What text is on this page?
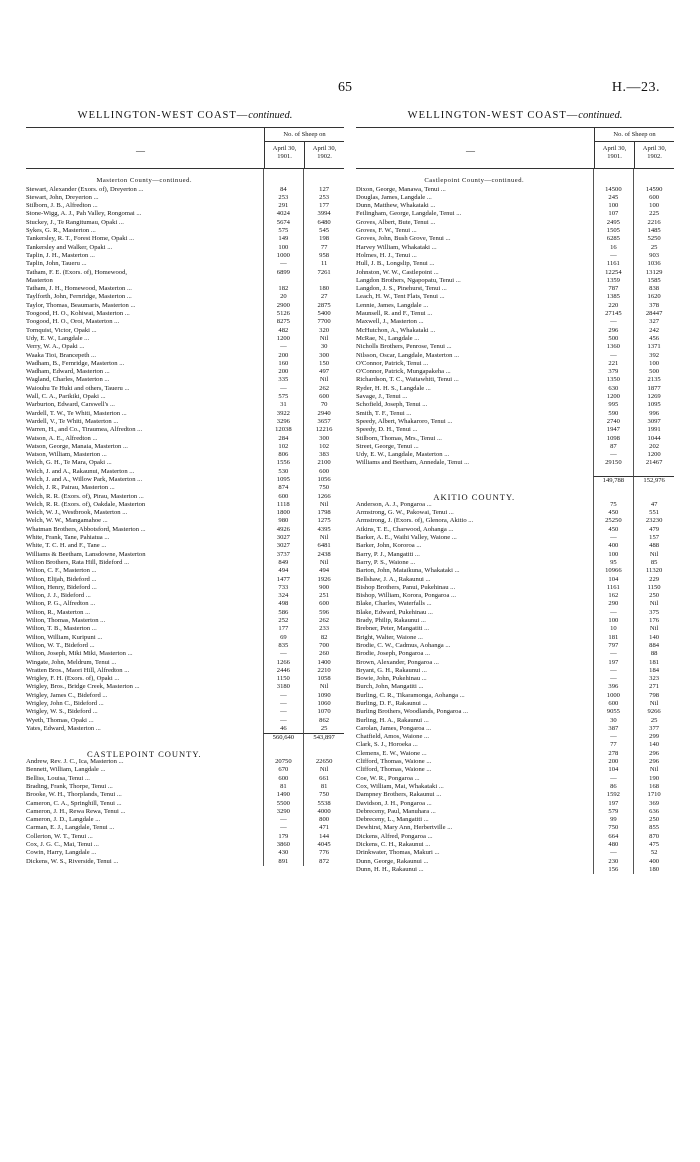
65	H.—23.
WELLINGTON-WEST COAST—continued.
—
No. of Sheep on
April 30, 1901.
April 30, 1902.
Masterton County—continued.
Stewart, Alexander (Exors. of), Dreyerton ...	84	127
Stewart, John, Dreyerton ...	253	253
Stilborn, J. B., Alfredton ...	291	177
Stone-Wigg, A. J., Pah Valley, Rongomai ...	4024	3994
Stuckey, J., Te Rangitumau, Opaki ...	5674	6480
Sykes, G. R., Masterton ...	575	545
Tankersley, R. T., Forest Home, Opaki ...	149	198
Tankersley and Walker, Opaki ...	100	77
Taplin, J. H., Masterton ...	1000	958
Taplin, John, Taueru ...	—	11
Tatham, F. E. (Exors. of), Homewood,	6899	7261
Masterton
Tatham, J. H., Homewood, Masterton ...	182	180
Taylforth, John, Fernridge, Masterton ...	20	27
Taylor, Thomas, Beaumaris, Masterton ...	2900	2875
Toogood, H. O., Kohiwai, Masterton ...	5126	5400
Toogood, H. O., Oroi, Masterton ...	8275	7700
Tornquist, Victor, Opaki ...	482	320
Udy, E. W., Langdale ...	1200	Nil
Verry, W. A., Opaki ...	—	30
Waaka Tioi, Brancepeth ...	200	300
Wadham, B., Fernridge, Masterton ...	160	150
Wadham, Edward, Masterton ...	200	497
Wagland, Charles, Masterton ...	335	Nil
Waiouhu Te Huki and others, Taueru ...	—	262
Wall, C. A., Parikiki, Opaki ...	575	600
Warburton, Edward, Carswell's ...	31	70
Wardell, T. W., Te Whiti, Masterton ...	3922	2940
Wardell, V., Te Whiti, Masterton ...	3296	3657
Warren, H., and Co., Tiraumea, Alfredton ...	12038	12216
Watson, A. E., Alfredton ...	284	300
Watson, George, Manaia, Masterton ...	102	102
Watson, William, Masterton ...	806	383
Welch, G. H., Te Mara, Opaki ...	1556	2100
Welch, J. and A., Rakaunui, Masterton ...	530	600
Welch, J. and A., Willow Park, Masterton ...	1095	1056
Welch, J. R., Pairau, Masterton ...	874	750
Welch, R. R. (Exors. of), Pirau, Masterton ...	600	1266
Welch, R. R. (Exors. of), Oakdale, Masterton	1118	Nil
Welch, W. J., Westbrook, Masterton ...	1800	1798
Welch, W. W., Mangamahoe ...	980	1275
Whatman Brothers, Abbotsford, Masterton ...	4926	4395
White, Frank, Tane, Pahiatua ...	3027	Nil
White, T. C. H. and F., Tane ...	3027	6481
Williams & Beetham, Lansdowne, Masterton	3737	2438
Wilton Brothers, Rata Hill, Bideford ...	849	Nil
Wilton, C. F., Masterton ...	494	494
Wilton, Elijah, Bideford ...	1477	1926
Wilton, Henry, Bideford ...	733	900
Wilton, J. J., Bideford ...	324	251
Wilton, P. G., Alfredton ...	498	600
Wilton, R., Masterton ...	586	596
Wilton, Thomas, Masterton ...	252	262
Wilton, T. B., Masterton ...	177	233
Wilton, William, Kuripuni ...	69	82
Wilton, W. T., Bideford ...	835	700
Wilton, Joseph, Miki Miki, Masterton ...	—	260
Wingate, John, Meldrum, Tenui ...	1266	1400
Wratten Bros., Maori Hill, Alfredton ...	2446	2210
Wrigley, F. H. (Exors. of), Opaki ...	1150	1058
Wrigley, Bros., Bridge Creek, Masterton ...	3180	Nil
Wrigley, James C., Bideford ...	—	1090
Wrigley, John C., Bideford ...	—	1060
Wrigley, W. S., Bideford ...	—	1070
Wyeth, Thomas, Opaki ...	—	862
Yates, Edward, Masterton ...	46	25
560,640	543,897
CASTLEPOINT COUNTY.
Andrew, Rev. J. C., Ica, Masterton ...	20750	22650
Bennett, William, Langdale ...	670	Nil
Belliss, Louisa, Tenui ...	600	661
Brading, Frank, Thorpe, Tenui ...	81	81
Brooke, W. H., Thorplands, Tenui ...	1490	750
Cameron, C. A., Springhill, Tenui ...	5500	5538
Cameron, J. H., Rewa Rewa, Tenui ...	3290	4000
Cameron, J. D., Langdale ...	—	800
Carman, E. J., Langdale, Tenui ...	—	471
Collerton, W. T., Tenui ...	179	144
Cox, J. G. C., Mai, Tenui ...	3860	4045
Cowin, Harry, Langdale ...	430	776
Dickens, W. S., Riverside, Tenui ...	891	872
WELLINGTON-WEST COAST—continued.
—
No. of Sheep on
April 30, 1901.
April 30, 1902.
Castlepoint County—continued.
Dixon, George, Manawa, Tenui ...	14500	14590
Douglas, James, Langdale ...	245	600
Dunn, Matthew, Whakataki ...	100	100
Feilingham, George, Langdale, Tenui ...	107	225
Groves, Albert, Bute, Tenui ...	2495	2216
Groves, F. W., Tenui ...	1505	1485
Groves, John, Bush Grove, Tenui ...	6285	5250
Harvey William, Whakataki ...	16	25
Holmes, H. J., Tenui ...	—	903
Hull, J. B., Longslip, Tenui ...	1161	1036
Johnston, W. W., Castlepoint ...	12254	13129
Langdon Brothers, Ngapopatu, Tenui ...	1359	1585
Langdon, J. S., Pinehurst, Tenui ...	787	838
Leach, H. W., Tent Flats, Tenui ...	1385	1620
Lennie, James, Langdale ...	220	378
Maunsell, R. and F., Tenui ...	27145	28447
Maxwell, J., Masterton ...	—	327
McHutchon, A., Whakataki ...	296	242
McRae, N., Langdale ...	500	456
Nicholls Brothers, Penrose, Tenui ...	1360	1371
Nilsson, Oscar, Langdale, Masterton ...	—	392
O'Connor, Patrick, Tenui ...	221	100
O'Connor, Patrick, Mungapakeha ...	379	500
Richardson, T. C., Waitawhiti, Tenui ...	1350	2135
Ryder, H. H. S., Langdale ...	630	1877
Savage, J., Tenui ...	1200	1269
Schofield, Joseph, Tenui ...	995	1095
Smith, T. F., Tenui ...	590	996
Speedy, Albert, Whakaroro, Tenui ...	2740	3097
Speedy, D. H., Tenui ...	1947	1991
Stilborn, Thomas, Mrs., Tenui ...	1098	1044
Street, George, Tenui ...	87	202
Udy, E. W., Langdale, Masterton ...	—	1200
Williams and Beetham, Annedale, Tenui ...	29150	21467
149,788	152,976
AKITIO COUNTY.
Anderson, A. J., Pongaroa ...	75	47
Armstrong, G. W., Pakowai, Tenui ...	450	551
Armstrong, J. (Exors. of), Glenora, Akitio ...	25250	23230
Atkins, T. E., Charwood, Aohanga ...	450	479
Barker, A. E., Waihi Valley, Waione ...	—	157
Barker, John, Kororoa ...	400	488
Barry, P. J., Mangatiti ...	100	Nil
Barry, P. S., Waione ...	95	85
Barton, John, Mataikuna, Whakataki ...	10966	11320
Bellshaw, J. A., Rakaunui ...	104	229
Bishop Brothers, Panui, Pukehinau ...	1161	1150
Bishop, William, Korora, Pongaroa ...	162	250
Blake, Charles, Waterfalls ...	290	Nil
Blake, Edward, Pukehinau ...	—	375
Brady, Philip, Rakaunui ...	100	176
Brebner, Peter, Mangatiti ...	10	Nil
Bright, Walter, Waione ...	181	140
Brodie, C. W., Cadmus, Aohanga ...	797	884
Brodie, Joseph, Pongaroa ...	—	88
Brown, Alexander, Pongaroa ...	197	181
Bryant, G. H., Rakaunui ...	—	184
Bowie, John, Pukehinau ...	—	323
Burch, John, Mangatiti ...	396	271
Burling, C. R., Tikaramonga, Aohanga ...	1000	798
Burling, D. F., Rakaunui ...	600	Nil
Burling Brothers, Woodlands, Pongaroa ...	9055	9266
Burling, H. A., Rakaunui ...	30	25
Carolan, James, Pongaroa ...	387	377
Chatfield, Amos, Waione ...	—	299
Clark, S. J., Horoeka ...	77	140
Clemens, E. W., Waione ...	278	296
Clifford, Thomas, Waione ...	200	296
Clifford, Thomas, Waione ...	104	Nil
Coe, W. R., Pongaroa ...	—	190
Cox, William, Mai, Whakataki ...	86	168
Dampney Brothers, Rakaunui ...	1592	1710
Davidson, J. H., Pongaroa ...	197	369
Debreceny, Paul, Manuhara ...	579	636
Debreceny, L., Mangatiti ...	99	250
Dewhirst, Mary Ann, Herbertville ...	750	855
Dickens, Alfred, Pongaroa ...	664	870
Dickens, C. H., Rakaunui ...	480	475
Drinkwater, Thomas, Makuri ...	—	52
Dunn, George, Rakaunui ...	230	400
Dunn, H. H., Rakaunui ...	156	180
